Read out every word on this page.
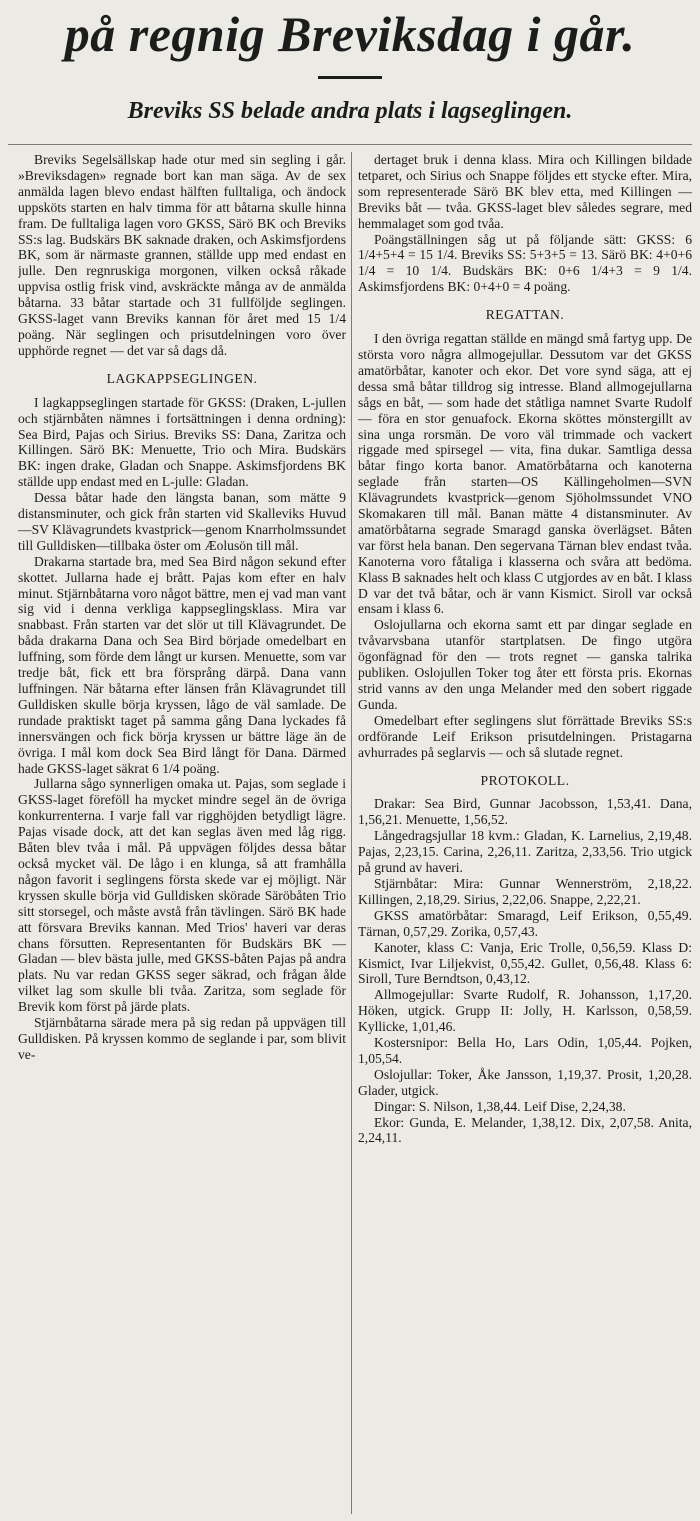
på regnig Breviksdag i går.
Breviks SS belade andra plats i lagseglingen.

Breviks Segelsällskap hade otur med sin segling i går. »Breviksdagen» regnade bort kan man säga. Av de sex anmälda lagen blevo endast hälften fulltaliga, och ändock uppsköts starten en halv timma för att båtarna skulle hinna fram. De fulltaliga lagen voro GKSS, Särö BK och Breviks SS:s lag. Budskärs BK saknade draken, och Askimsfjordens BK, som är närmaste grannen, ställde upp med endast en julle. Den regnruskiga morgonen, vilken också råkade uppvisa ostlig frisk vind, avskräckte många av de anmälda båtarna. 33 båtar startade och 31 fullföljde seglingen. GKSS-laget vann Breviks kannan för året med 15 1/4 poäng. När seglingen och prisutdelningen voro över upphörde regnet — det var så dags då.

LAGKAPPSEGLINGEN.

I lagkappseglingen startade för GKSS: (Draken, L-jullen och stjärnbåten nämnes i fortsättningen i denna ordning): Sea Bird, Pajas och Sirius. Breviks SS: Dana, Zaritza och Killingen. Särö BK: Menuette, Trio och Mira. Budskärs BK: ingen drake, Gladan och Snappe. Askimsfjordens BK ställde upp endast med en L-julle: Gladan.

Dessa båtar hade den längsta banan, som mätte 9 distansminuter, och gick från starten vid Skalleviks Huvud—SV Klävagrundets kvastprick—genom Knarrholmssundet till Gulldisken—tillbaka öster om Æolusön till mål.

Drakarna startade bra, med Sea Bird någon sekund efter skottet. Jullarna hade ej brått. Pajas kom efter en halv minut. Stjärnbåtarna voro något bättre, men ej vad man vant sig vid i denna verkliga kappseglingsklass. Mira var snabbast. Från starten var det slör ut till Klävagrundet. De båda drakarna Dana och Sea Bird började omedelbart en luffning, som förde dem långt ur kursen. Menuette, som var tredje båt, fick ett bra försprång därpå. Dana vann luffningen. När båtarna efter länsen från Klävagrundet till Gulldisken skulle börja kryssen, lågo de väl samlade. De rundade praktiskt taget på samma gång Dana lyckades få innersvängen och fick börja kryssen ur bättre läge än de övriga. I mål kom dock Sea Bird långt för Dana. Därmed hade GKSS-laget säkrat 6 1/4 poäng.

Jullarna sågo synnerligen omaka ut. Pajas, som seglade i GKSS-laget föreföll ha mycket mindre segel än de övriga konkurrenterna. I varje fall var rigghöjden betydligt lägre. Pajas visade dock, att det kan seglas även med låg rigg. Båten blev tvåa i mål. På uppvägen följdes dessa båtar också mycket väl. De lågo i en klunga, så att framhålla någon favorit i seglingens första skede var ej möjligt. När kryssen skulle börja vid Gulldisken skörade Säröbåten Trio sitt storsegel, och måste avstå från tävlingen. Särö BK hade att försvara Breviks kannan. Med Trios' haveri var deras chans försutten. Representanten för Budskärs BK — Gladan — blev bästa julle, med GKSS-båten Pajas på andra plats. Nu var redan GKSS seger säkrad, och frågan ålde vilket lag som skulle bli tvåa. Zaritza, som seglade för Brevik kom först på järde plats.

Stjärnbåtarna särade mera på sig redan på uppvägen till Gulldisken. På kryssen kommo de seglande i par, som blivit ve-

dertaget bruk i denna klass. Mira och Killingen bildade tetparet, och Sirius och Snappe följdes ett stycke efter. Mira, som representerade Särö BK blev etta, med Killingen — Breviks båt — tvåa. GKSS-laget blev således segrare, med hemmalaget som god tvåa.

Poängställningen såg ut på följande sätt: GKSS: 6 1/4+5+4 = 15 1/4. Breviks SS: 5+3+5 = 13. Särö BK: 4+0+6 1/4 = 10 1/4. Budskärs BK: 0+6 1/4+3 = 9 1/4. Askimsfjordens BK: 0+4+0 = 4 poäng.

REGATTAN.

I den övriga regattan ställde en mängd små fartyg upp. De största voro några allmogejullar. Dessutom var det GKSS amatörbåtar, kanoter och ekor. Det vore synd säga, att ej dessa små båtar tilldrog sig intresse. Bland allmogejullarna sågs en båt, — som hade det ståtliga namnet Svarte Rudolf — föra en stor genuafock. Ekorna sköttes mönstergillt av sina unga rorsmän. De voro väl trimmade och vackert riggade med spirsegel — vita, fina dukar. Samtliga dessa båtar fingo korta banor. Amatörbåtarna och kanoterna seglade från starten—OS Källingeholmen—SVN Klävagrundets kvastprick—genom Sjöholmssundet VNO Skomakaren till mål. Banan mätte 4 distansminuter. Av amatörbåtarna segrade Smaragd ganska överlägset. Båten var först hela banan. Den segervana Tärnan blev endast tvåa. Kanoterna voro fåtaliga i klasserna och svåra att bedöma. Klass B saknades helt och klass C utgjordes av en båt. I klass D var det två båtar, och är vann Kismict. Siroll var också ensam i klass 6.

Oslojullarna och ekorna samt ett par dingar seglade en tvåvarvsbana utanför startplatsen. De fingo utgöra ögonfägnad för den — trots regnet — ganska talrika publiken. Oslojullen Toker tog åter ett första pris. Ekornas strid vanns av den unga Melander med den sobert riggade Gunda.

Omedelbart efter seglingens slut förrättade Breviks SS:s ordförande Leif Erikson prisutdelningen. Pristagarna avhurrades på seglarvis — och så slutade regnet.

PROTOKOLL.

Drakar: Sea Bird, Gunnar Jacobsson, 1,53,41. Dana, 1,56,21. Menuette, 1,56,52.

Långedragsjullar 18 kvm.: Gladan, K. Larnelius, 2,19,48. Pajas, 2,23,15. Carina, 2,26,11. Zaritza, 2,33,56. Trio utgick på grund av haveri.

Stjärnbåtar: Mira: Gunnar Wennerström, 2,18,22. Killingen, 2,18,29. Sirius, 2,22,06. Snappe, 2,22,21.

GKSS amatörbåtar: Smaragd, Leif Erikson, 0,55,49. Tärnan, 0,57,29. Zorika, 0,57,43.

Kanoter, klass C: Vanja, Eric Trolle, 0,56,59. Klass D: Kismict, Ivar Liljekvist, 0,55,42. Gullet, 0,56,48. Klass 6: Siroll, Ture Berndtson, 0,43,12.

Allmogejullar: Svarte Rudolf, R. Johansson, 1,17,20. Höken, utgick. Grupp II: Jolly, H. Karlsson, 0,58,59. Kyllicke, 1,01,46.

Kostersnipor: Bella Ho, Lars Odin, 1,05,44. Pojken, 1,05,54.

Oslojullar: Toker, Åke Jansson, 1,19,37. Prosit, 1,20,28. Glader, utgick.

Dingar: S. Nilson, 1,38,44. Leif Dise, 2,24,38.

Ekor: Gunda, E. Melander, 1,38,12. Dix, 2,07,58. Anita, 2,24,11.
